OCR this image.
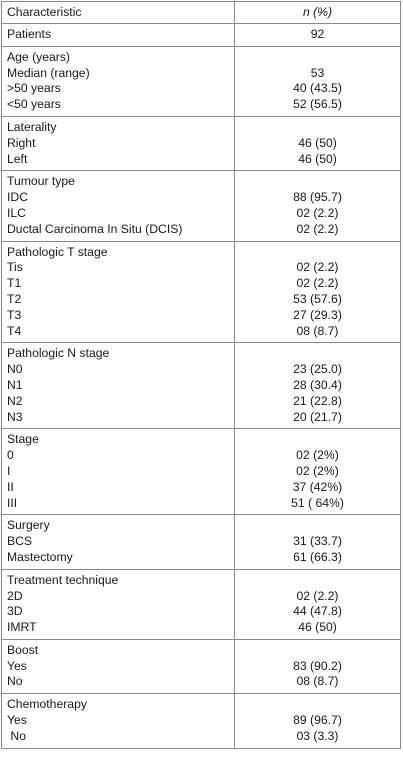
Characteristic	n (%)
Patients	92
Age (years)
Median (range)
>50 years
<50 years
53
40 (43.5)
52 (56.5)
Laterality
Right
Left
46 (50)
46 (50)
Tumour type
IDC
ILC
Ductal Carcinoma In Situ (DCIS)
88 (95.7)
02 (2.2)
02 (2.2)
Pathologic T stage
Tis
T1
T2
T3
T4
02 (2.2)
02 (2.2)
53 (57.6)
27 (29.3)
08 (8.7)
Pathologic N stage
N0
N1
N2
N3
23 (25.0)
28 (30.4)
21 (22.8)
20 (21.7)
Stage
0
I
II
III
02 (2%)
02 (2%)
37 (42%)
51 ( 64%)
Surgery
BCS
Mastectomy
31 (33.7)
61 (66.3)
Treatment technique
2D
3D
IMRT
02 (2.2)
44 (47.8)
46 (50)
Boost
Yes
No
83 (90.2)
08 (8.7)
Chemotherapy
Yes
No
89 (96.7)
03 (3.3)
